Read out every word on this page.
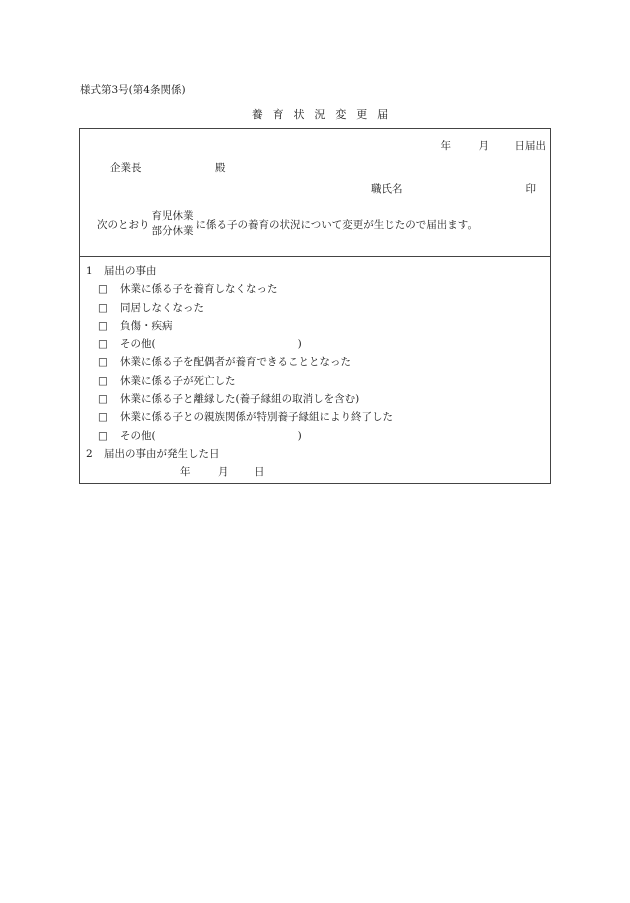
様式第3号(第4条関係)
養育状況変更届
年	月	日届出
企業長	殿
職氏名	印
次のとおり
育児休業
部分休業
に係る子の養育の状況について変更が生じたので届出ます。
1 届出の事由
□	休業に係る子を養育しなくなった
□	同居しなくなった
□	負傷・疾病
□	その他(	)
□	休業に係る子を配偶者が養育できることとなった
□	休業に係る子が死亡した
□	休業に係る子と離縁した(養子縁組の取消しを含む)
□	休業に係る子との親族関係が特別養子縁組により終了した
□	その他(	)
2 届出の事由が発生した日
年	月 日
